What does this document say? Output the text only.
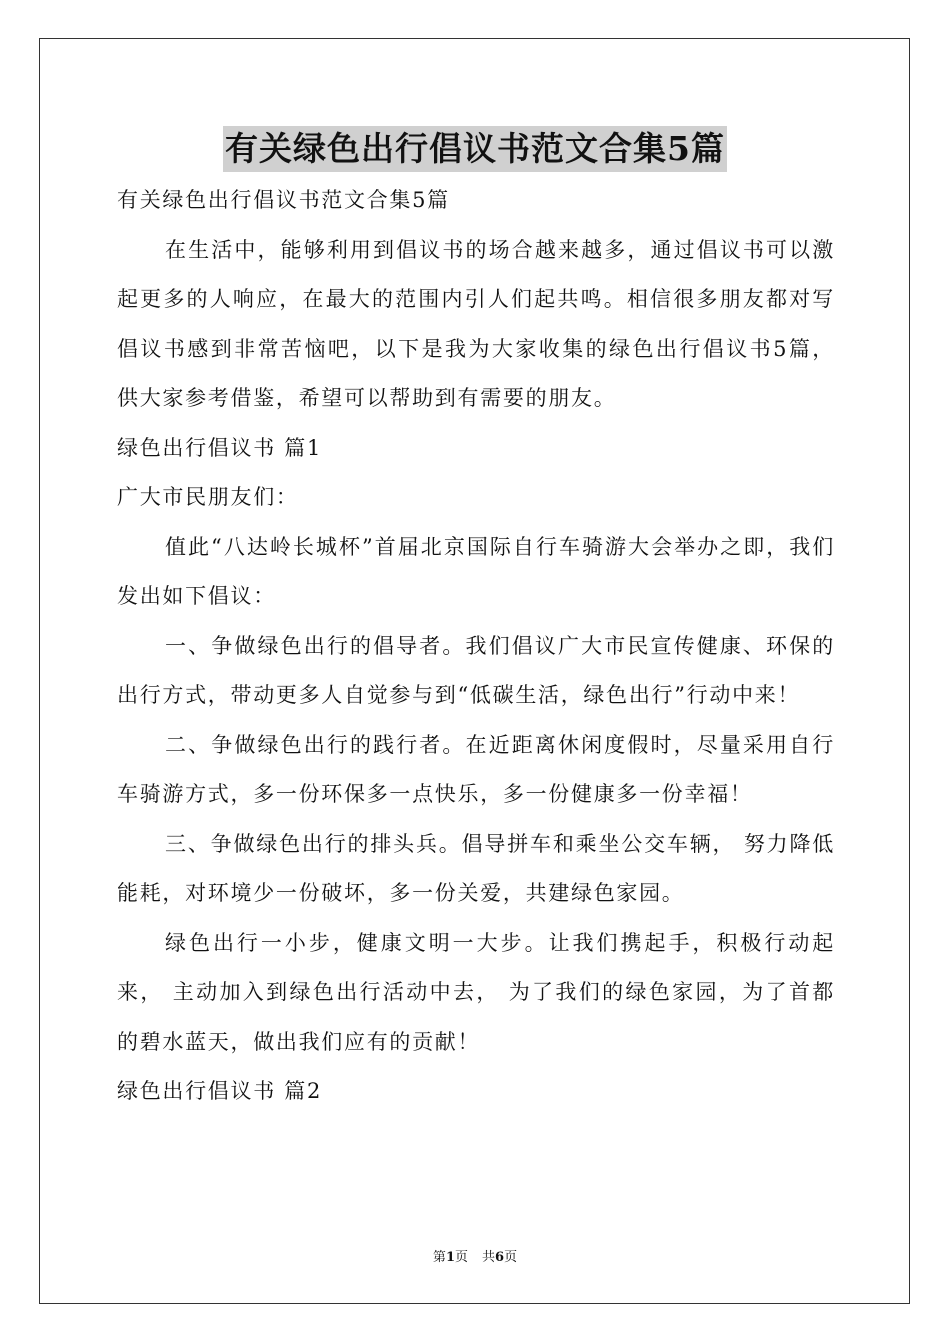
有关绿色出行倡议书范文合集5篇

有关绿色出行倡议书范文合集5篇

在生活中，能够利用到倡议书的场合越来越多，通过倡议书可以激起更多的人响应，在最大的范围内引人们起共鸣。相信很多朋友都对写倡议书感到非常苦恼吧，以下是我为大家收集的绿色出行倡议书5篇，供大家参考借鉴，希望可以帮助到有需要的朋友。

绿色出行倡议书 篇1

广大市民朋友们：

值此“八达岭长城杯”首届北京国际自行车骑游大会举办之即，我们发出如下倡议：

一、争做绿色出行的倡导者。我们倡议广大市民宣传健康、环保的出行方式，带动更多人自觉参与到“低碳生活，绿色出行”行动中来！

二、争做绿色出行的践行者。在近距离休闲度假时，尽量采用自行车骑游方式，多一份环保多一点快乐，多一份健康多一份幸福！

三、争做绿色出行的排头兵。倡导拼车和乘坐公交车辆， 努力降低能耗，对环境少一份破坏，多一份关爱，共建绿色家园。

绿色出行一小步，健康文明一大步。让我们携起手，积极行动起来， 主动加入到绿色出行活动中去， 为了我们的绿色家园，为了首都的碧水蓝天，做出我们应有的贡献！

绿色出行倡议书 篇2

第1页 共6页
